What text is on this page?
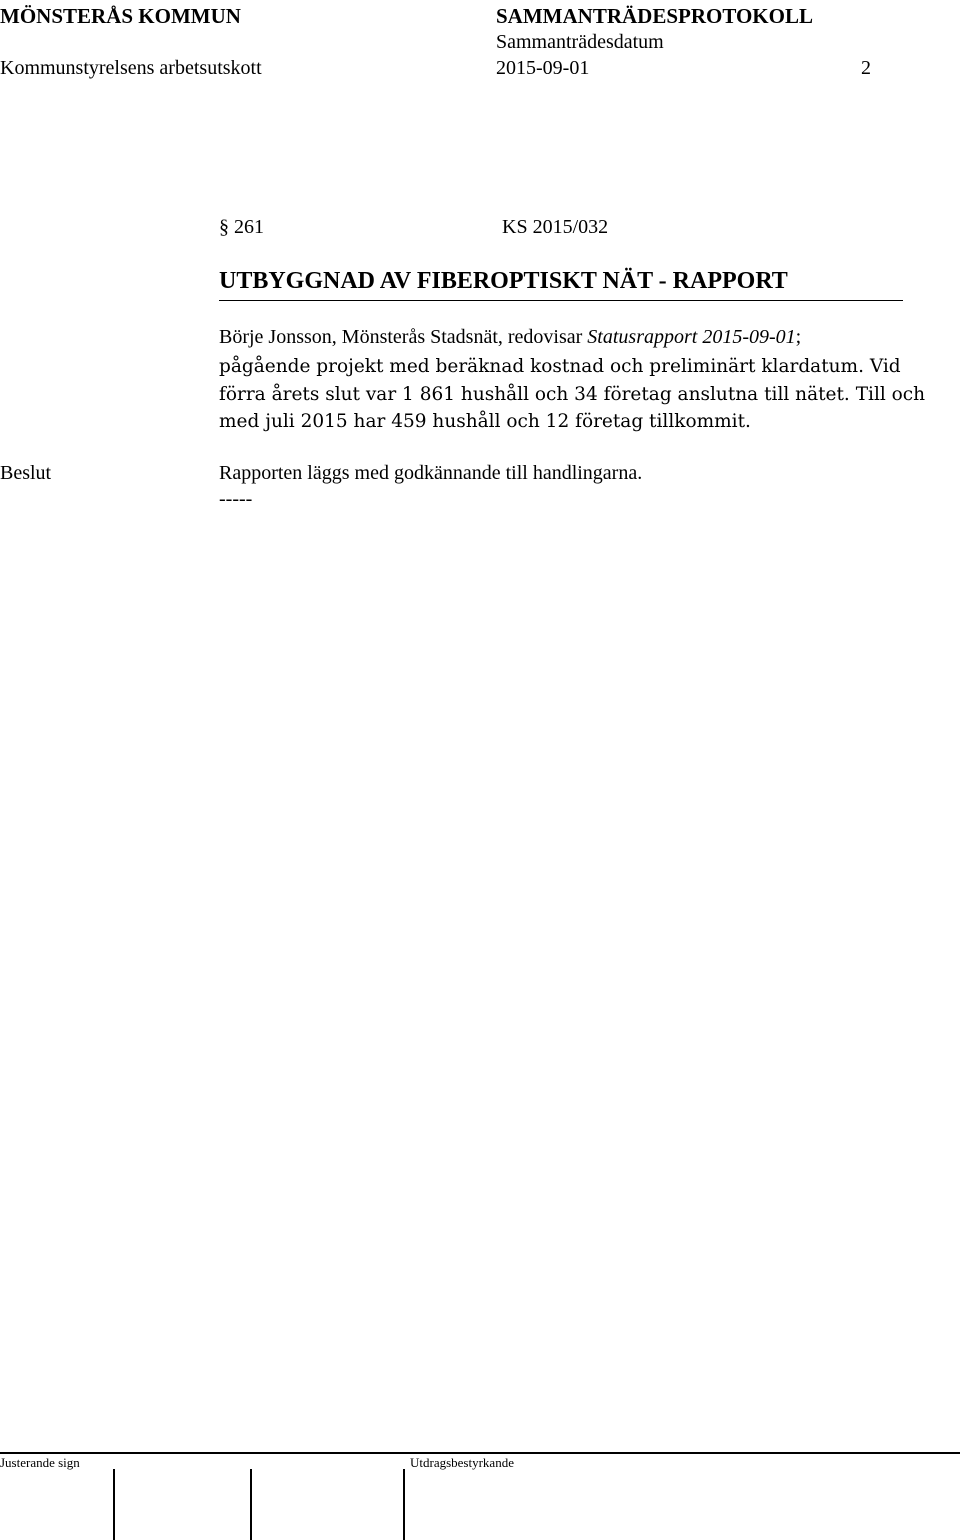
MÖNSTERÅS KOMMUN	SAMMANTRÄDESPROTOKOLL
Sammanträdesdatum
Kommunstyrelsens arbetsutskott	2015-09-01	2
§ 261	KS 2015/032
UTBYGGNAD AV FIBEROPTISKT NÄT - RAPPORT
Börje Jonsson, Mönsterås Stadsnät, redovisar Statusrapport 2015-09-01;
pågående projekt med beräknad kostnad och preliminärt klardatum. Vid
förra årets slut var 1 861 hushåll och 34 företag anslutna till nätet. Till och
med juli 2015 har 459 hushåll och 12 företag tillkommit.
Beslut	Rapporten läggs med godkännande till handlingarna.
-----
Justerande sign	Utdragsbestyrkande
